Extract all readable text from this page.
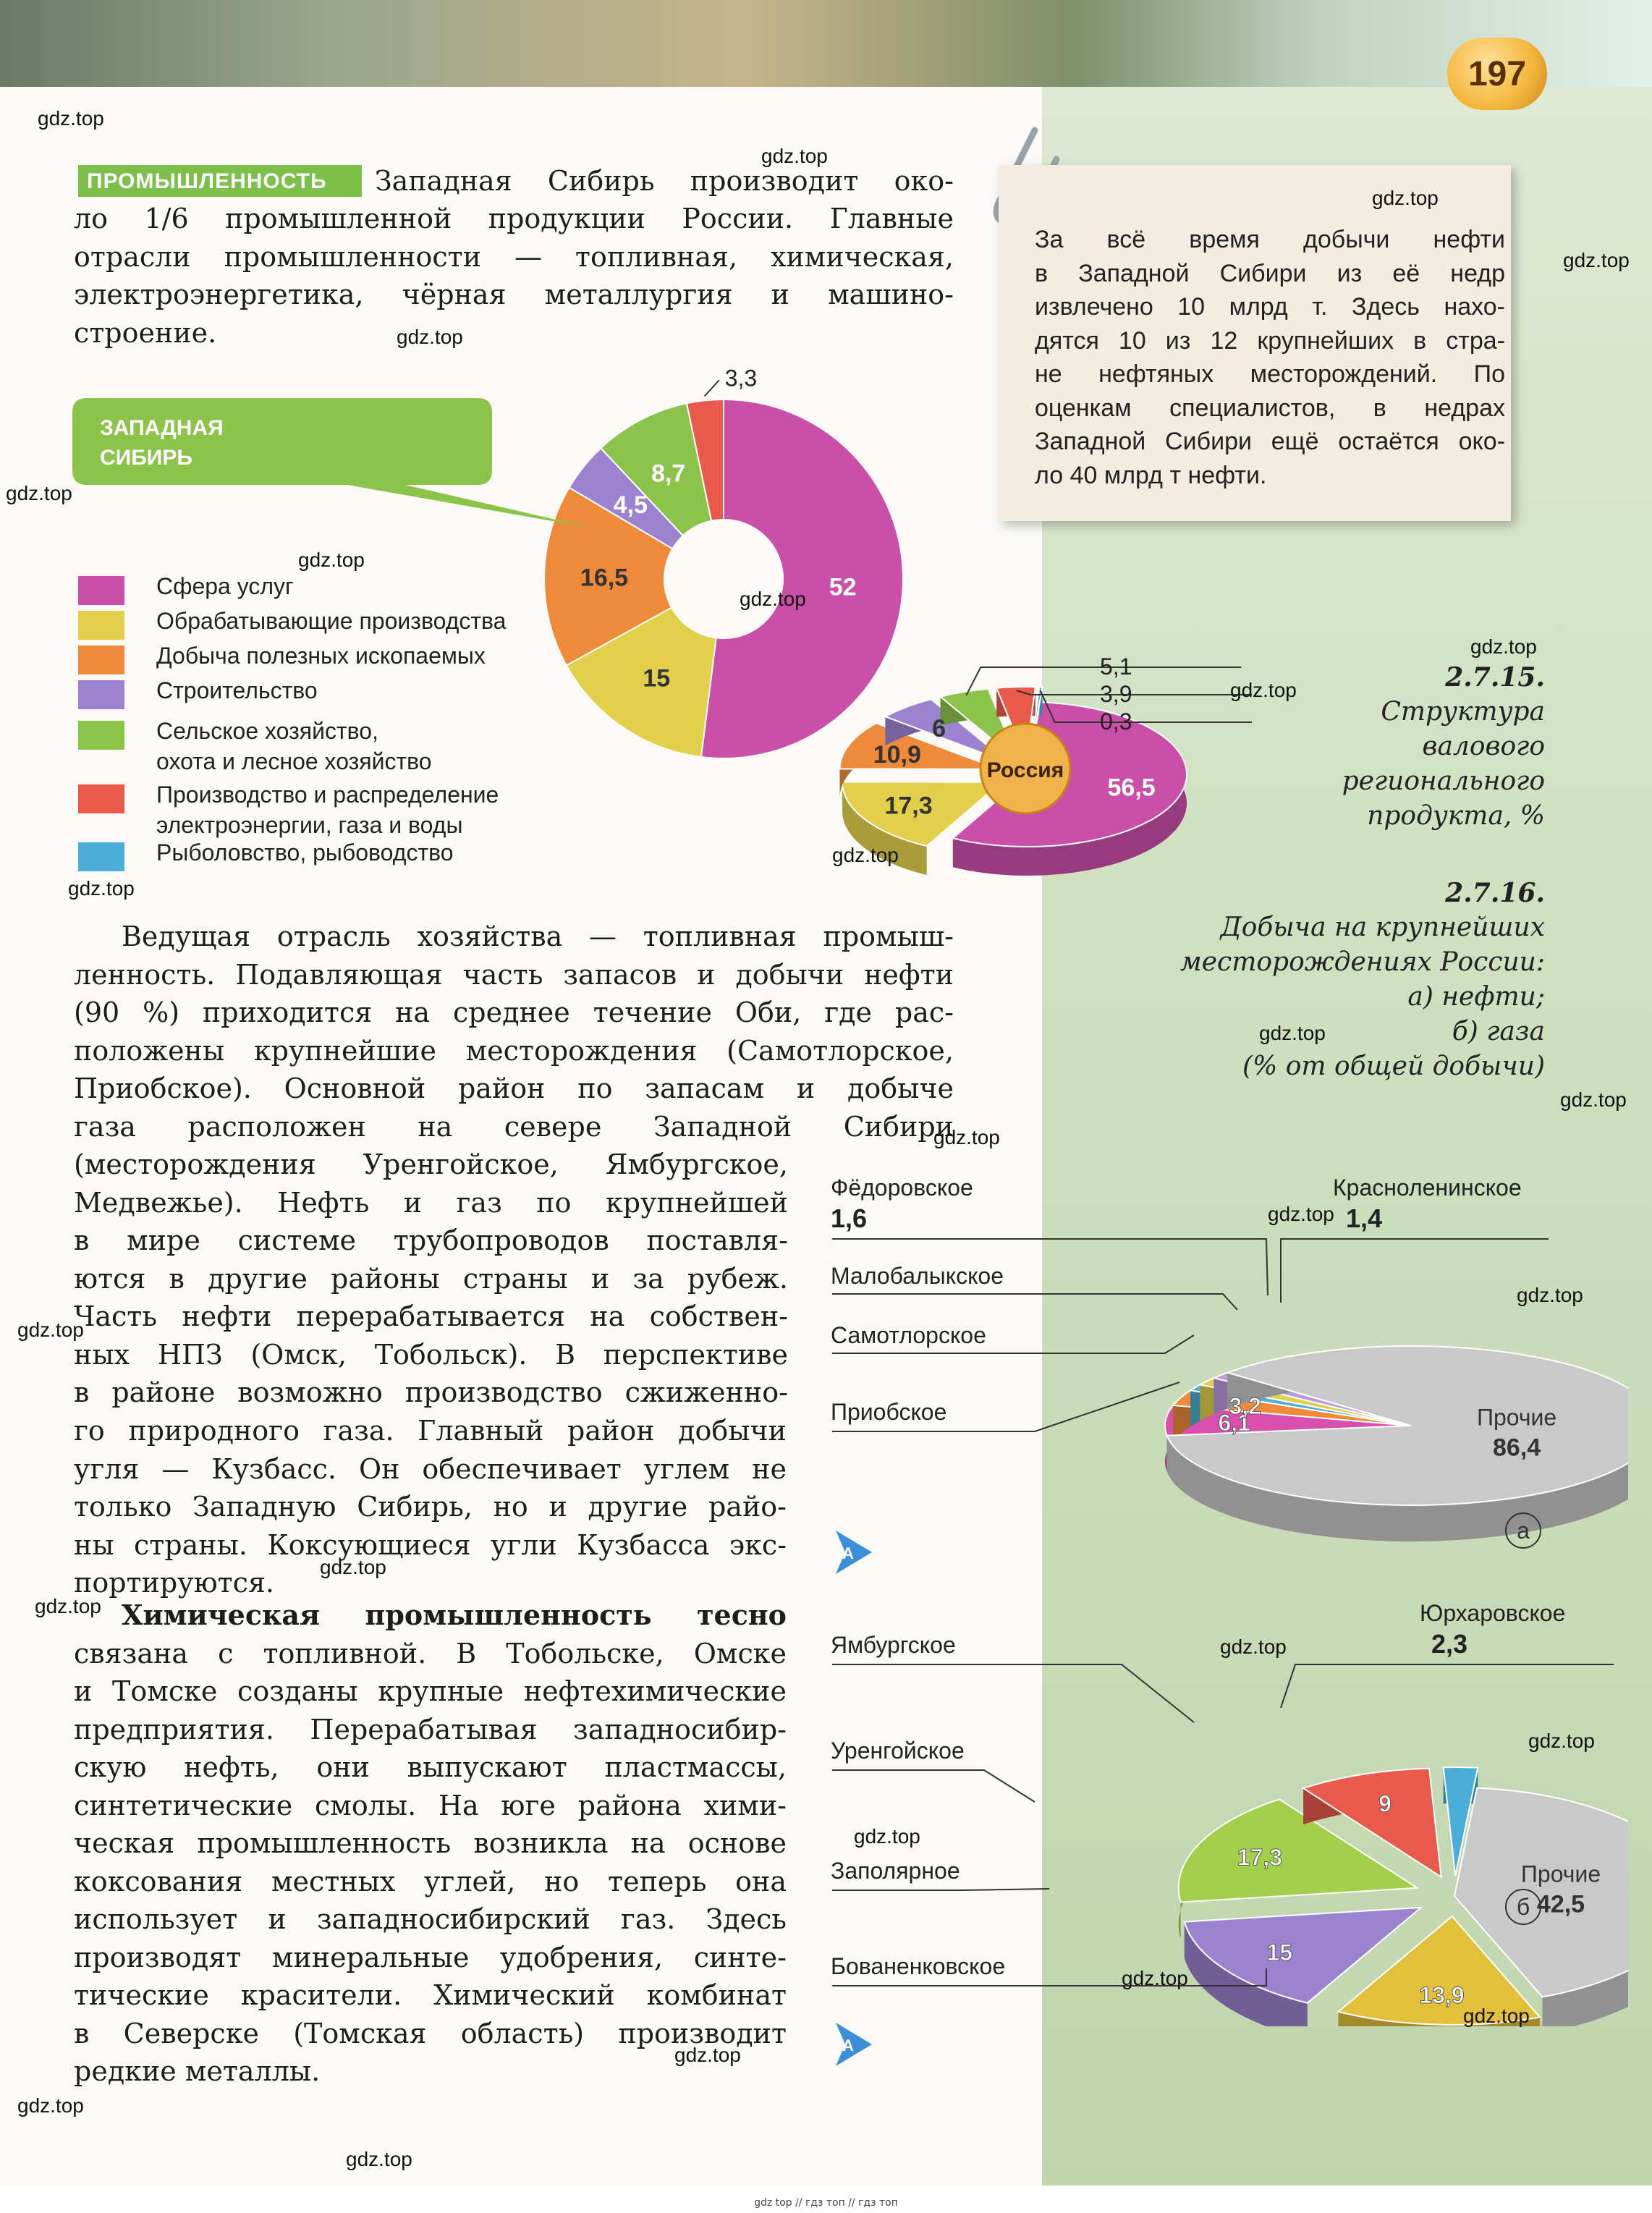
197
ПРОМЫШЛЕННОСТЬ	Западная Сибирь производит око-
ло 1/6 промышленной продукции России. Главные
отрасли промышленности — топливная, химическая,
электроэнергетика, чёрная металлургия и машино-
строение.
За всё время добычи нефти
в Западной Сибири из её недр
извлечено 10 млрд т. Здесь нахо-
дятся 10 из 12 крупнейших в стра-
не нефтяных месторождений. По
оценкам специалистов, в недрах
Западной Сибири ещё остаётся око-
ло 40 млрд т нефти.
52
15
16,5
4,5
8,7
3,3
56,5
17,3
10,9
6
5,1
3,9
0,3
Россия
ЗАПАДНАЯ
СИБИРЬ
Сфера услуг
Обрабатывающие производства
Добыча полезных ископаемых
Строительство
Сельское хозяйство,
охота и лесное хозяйство
Производство и распределение
электроэнергии, газа и воды
Рыболовство, рыбоводство
2.7.15.
Структура
валового
регионального
продукта, %
2.7.16.
Добыча на крупнейших
месторождениях России:
а) нефти;
б) газа
(% от общей добычи)
Ведущая отрасль хозяйства — топливная промыш-
ленность. Подавляющая часть запасов и добычи нефти
(90 %) приходится на среднее течение Оби, где рас-
положены крупнейшие месторождения (Самотлорское,
Приобское). Основной район по запасам и добыче
газа расположен на севере Западной Сибири
(месторождения Уренгойское, Ямбургское,
Медвежье). Нефть и газ по крупнейшей
в мире системе трубопроводов поставля-
ются в другие районы страны и за рубеж.
Часть нефти перерабатывается на собствен-
ных НПЗ (Омск, Тобольск). В перспективе
в районе возможно производство сжиженно-
го природного газа. Главный район добычи
угля — Кузбасс. Он обеспечивает углем не
только Западную Сибирь, но и другие райо-
ны страны. Коксующиеся угли Кузбасса экс-
портируются.
Химическая промышленность тесно
связана с топливной. В Тобольске, Омске
и Томске созданы крупные нефтехимические
предприятия. Перерабатывая западносибир-
скую нефть, они выпускают пластмассы,
синтетические смолы. На юге района хими-
ческая промышленность возникла на основе
коксования местных углей, но теперь она
использует и западносибирский газ. Здесь
производят минеральные удобрения, синте-
тические красители. Химический комбинат
в Северске (Томская область) производит
редкие металлы.
A
A
6,1
3,2	Прочие
86,4
Фёдоровское
1,6
Красноленинское
1,4
Малобалыкское
Самотлорское
Приобское
а
13,9
15
17,3
9
Прочие
42,5
Юрхаровское
2,3
Ямбургское
Уренгойское
Заполярное
Бованенковское
б
gdz.top
gdz.top
gdz.top
gdz.top
gdz.top
gdz.top
gdz.top
gdz.top
gdz.top
gdz.top
gdz.top
gdz.top
gdz.top
gdz.top
gdz.top
gdz.top
gdz.top
gdz.top
gdz.top
gdz.top
gdz.top
gdz.top
gdz.top
gdz.top
gdz.top
gdz.top
gdz.top
gdz.top
gdz top // гдз топ // гдз топ
